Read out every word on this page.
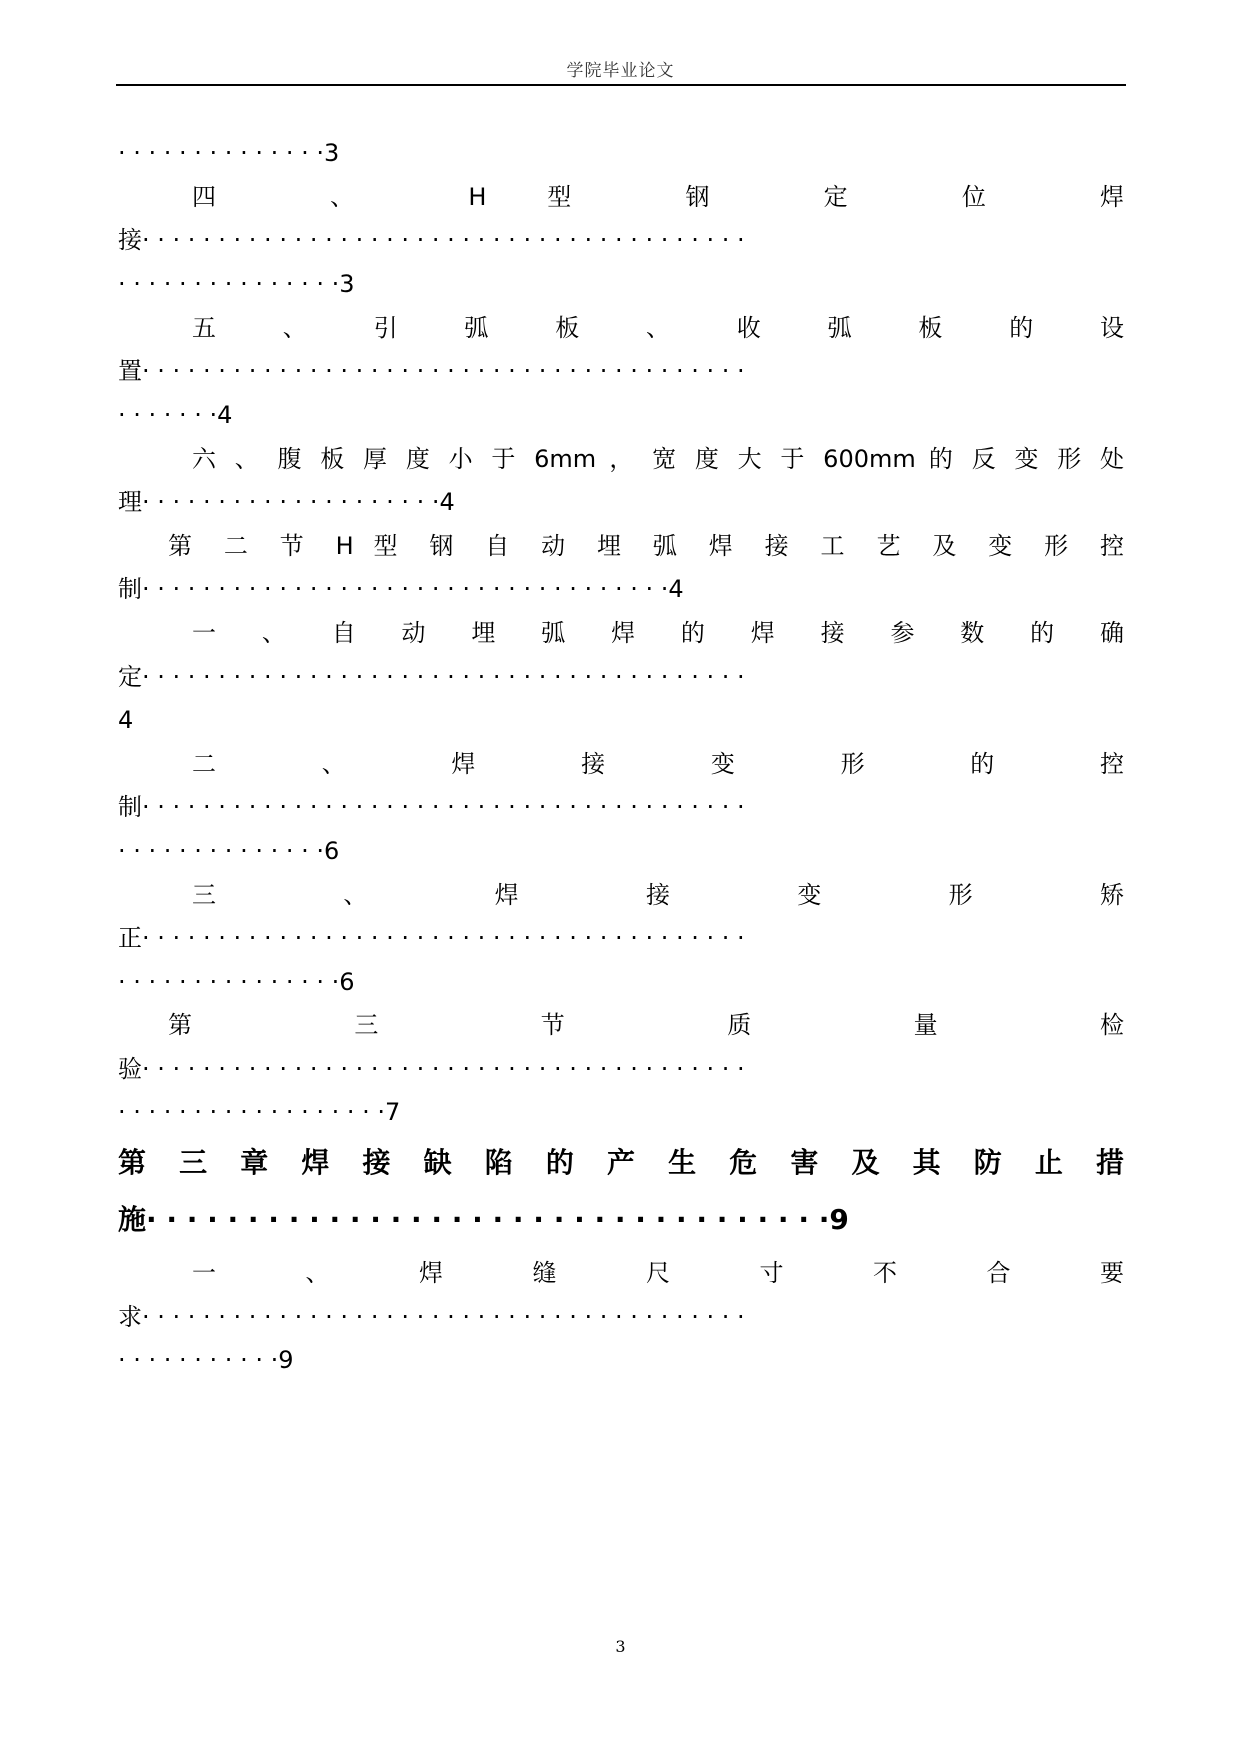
学院毕业论文
· · · · · · · · · · · · · ·3
四 、 H 型 钢 定 位 焊
接· · · · · · · · · · · · · · · · · · · · · · · · · · · · · · · · · · · · · · · ·
· · · · · · · · · · · · · · ·3
五 、 引 弧 板 、 收 弧 板 的 设
置· · · · · · · · · · · · · · · · · · · · · · · · · · · · · · · · · · · · · · · ·
· · · · · · ·4
六 、 腹 板 厚 度 小 于 6mm ， 宽 度 大 于 600mm 的 反 变 形 处
理· · · · · · · · · · · · · · · · · · · ·4
第 二 节 H 型 钢 自 动 埋 弧 焊 接 工 艺 及 变 形 控
制· · · · · · · · · · · · · · · · · · · · · · · · · · · · · · · · · · ·4
一 、 自 动 埋 弧 焊 的 焊 接 参 数 的 确
定· · · · · · · · · · · · · · · · · · · · · · · · · · · · · · · · · · · · · · · ·
4
二 、 焊 接 变 形 的 控
制· · · · · · · · · · · · · · · · · · · · · · · · · · · · · · · · · · · · · · · ·
· · · · · · · · · · · · · ·6
三 、 焊 接 变 形 矫
正· · · · · · · · · · · · · · · · · · · · · · · · · · · · · · · · · · · · · · · ·
· · · · · · · · · · · · · · ·6
第 三 节 质 量 检
验· · · · · · · · · · · · · · · · · · · · · · · · · · · · · · · · · · · · · · · ·
· · · · · · · · · · · · · · · · · ·7
第 三 章 焊 接 缺 陷 的 产 生 危 害 及 其 防 止 措
施· · · · · · · · · · · · · · · · · · · · · · · · · · · · · · · · · ·9
一 、 焊 缝 尺 寸 不 合 要
求· · · · · · · · · · · · · · · · · · · · · · · · · · · · · · · · · · · · · · · ·
· · · · · · · · · · ·9
3
